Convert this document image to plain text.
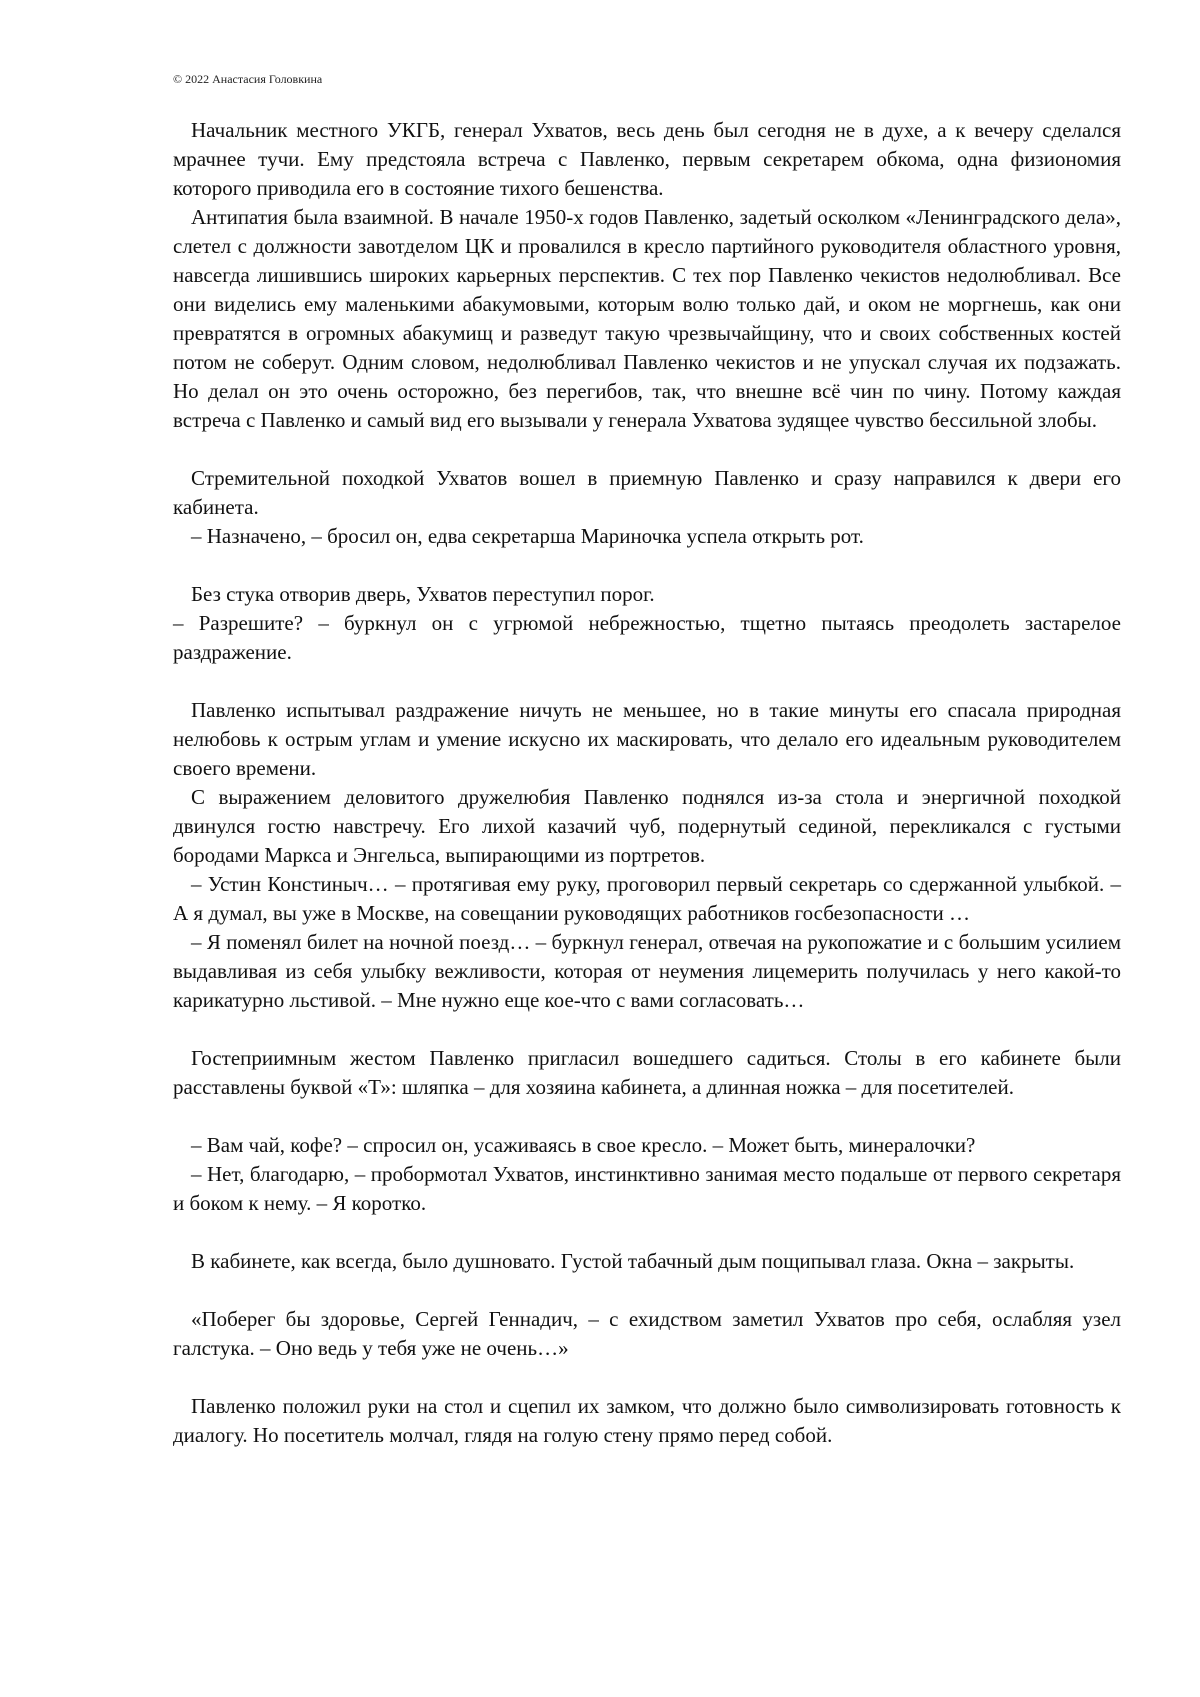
© 2022 Анастасия Головкина

Начальник местного УКГБ, генерал Ухватов, весь день был сегодня не в духе, а к вечеру сделался мрачнее тучи. Ему предстояла встреча с Павленко, первым секретарем обкома, одна физиономия которого приводила его в состояние тихого бешенства.

Антипатия была взаимной. В начале 1950-х годов Павленко, задетый осколком «Ленинградского дела», слетел с должности завотделом ЦК и провалился в кресло партийного руководителя областного уровня, навсегда лишившись широких карьерных перспектив. С тех пор Павленко чекистов недолюбливал. Все они виделись ему маленькими абакумовыми, которым волю только дай, и оком не моргнешь, как они превратятся в огромных абакумищ и разведут такую чрезвычайщину, что и своих собственных костей потом не соберут. Одним словом, недолюбливал Павленко чекистов и не упускал случая их подзажать. Но делал он это очень осторожно, без перегибов, так, что внешне всё чин по чину. Потому каждая встреча с Павленко и самый вид его вызывали у генерала Ухватова зудящее чувство бессильной злобы.

Стремительной походкой Ухватов вошел в приемную Павленко и сразу направился к двери его кабинета.

– Назначено, – бросил он, едва секретарша Мариночка успела открыть рот.

Без стука отворив дверь, Ухватов переступил порог.

– Разрешите? – буркнул он с угрюмой небрежностью, тщетно пытаясь преодолеть застарелое раздражение.

Павленко испытывал раздражение ничуть не меньшее, но в такие минуты его спасала природная нелюбовь к острым углам и умение искусно их маскировать, что делало его идеальным руководителем своего времени.

С выражением деловитого дружелюбия Павленко поднялся из-за стола и энергичной походкой двинулся гостю навстречу. Его лихой казачий чуб, подернутый сединой, перекликался с густыми бородами Маркса и Энгельса, выпирающими из портретов.

– Устин Констиныч… – протягивая ему руку, проговорил первый секретарь со сдержанной улыбкой. – А я думал, вы уже в Москве, на совещании руководящих работников госбезопасности …

– Я поменял билет на ночной поезд… – буркнул генерал, отвечая на рукопожатие и с большим усилием выдавливая из себя улыбку вежливости, которая от неумения лицемерить получилась у него какой-то карикатурно льстивой. – Мне нужно еще кое-что с вами согласовать…

Гостеприимным жестом Павленко пригласил вошедшего садиться. Столы в его кабинете были расставлены буквой «Т»: шляпка – для хозяина кабинета, а длинная ножка – для посетителей.

– Вам чай, кофе? – спросил он, усаживаясь в свое кресло. – Может быть, минералочки?

– Нет, благодарю, – пробормотал Ухватов, инстинктивно занимая место подальше от первого секретаря и боком к нему. – Я коротко.

В кабинете, как всегда, было душновато. Густой табачный дым пощипывал глаза. Окна – закрыты.

«Поберег бы здоровье, Сергей Геннадич, – с ехидством заметил Ухватов про себя, ослабляя узел галстука. – Оно ведь у тебя уже не очень…»

Павленко положил руки на стол и сцепил их замком, что должно было символизировать готовность к диалогу. Но посетитель молчал, глядя на голую стену прямо перед собой.
